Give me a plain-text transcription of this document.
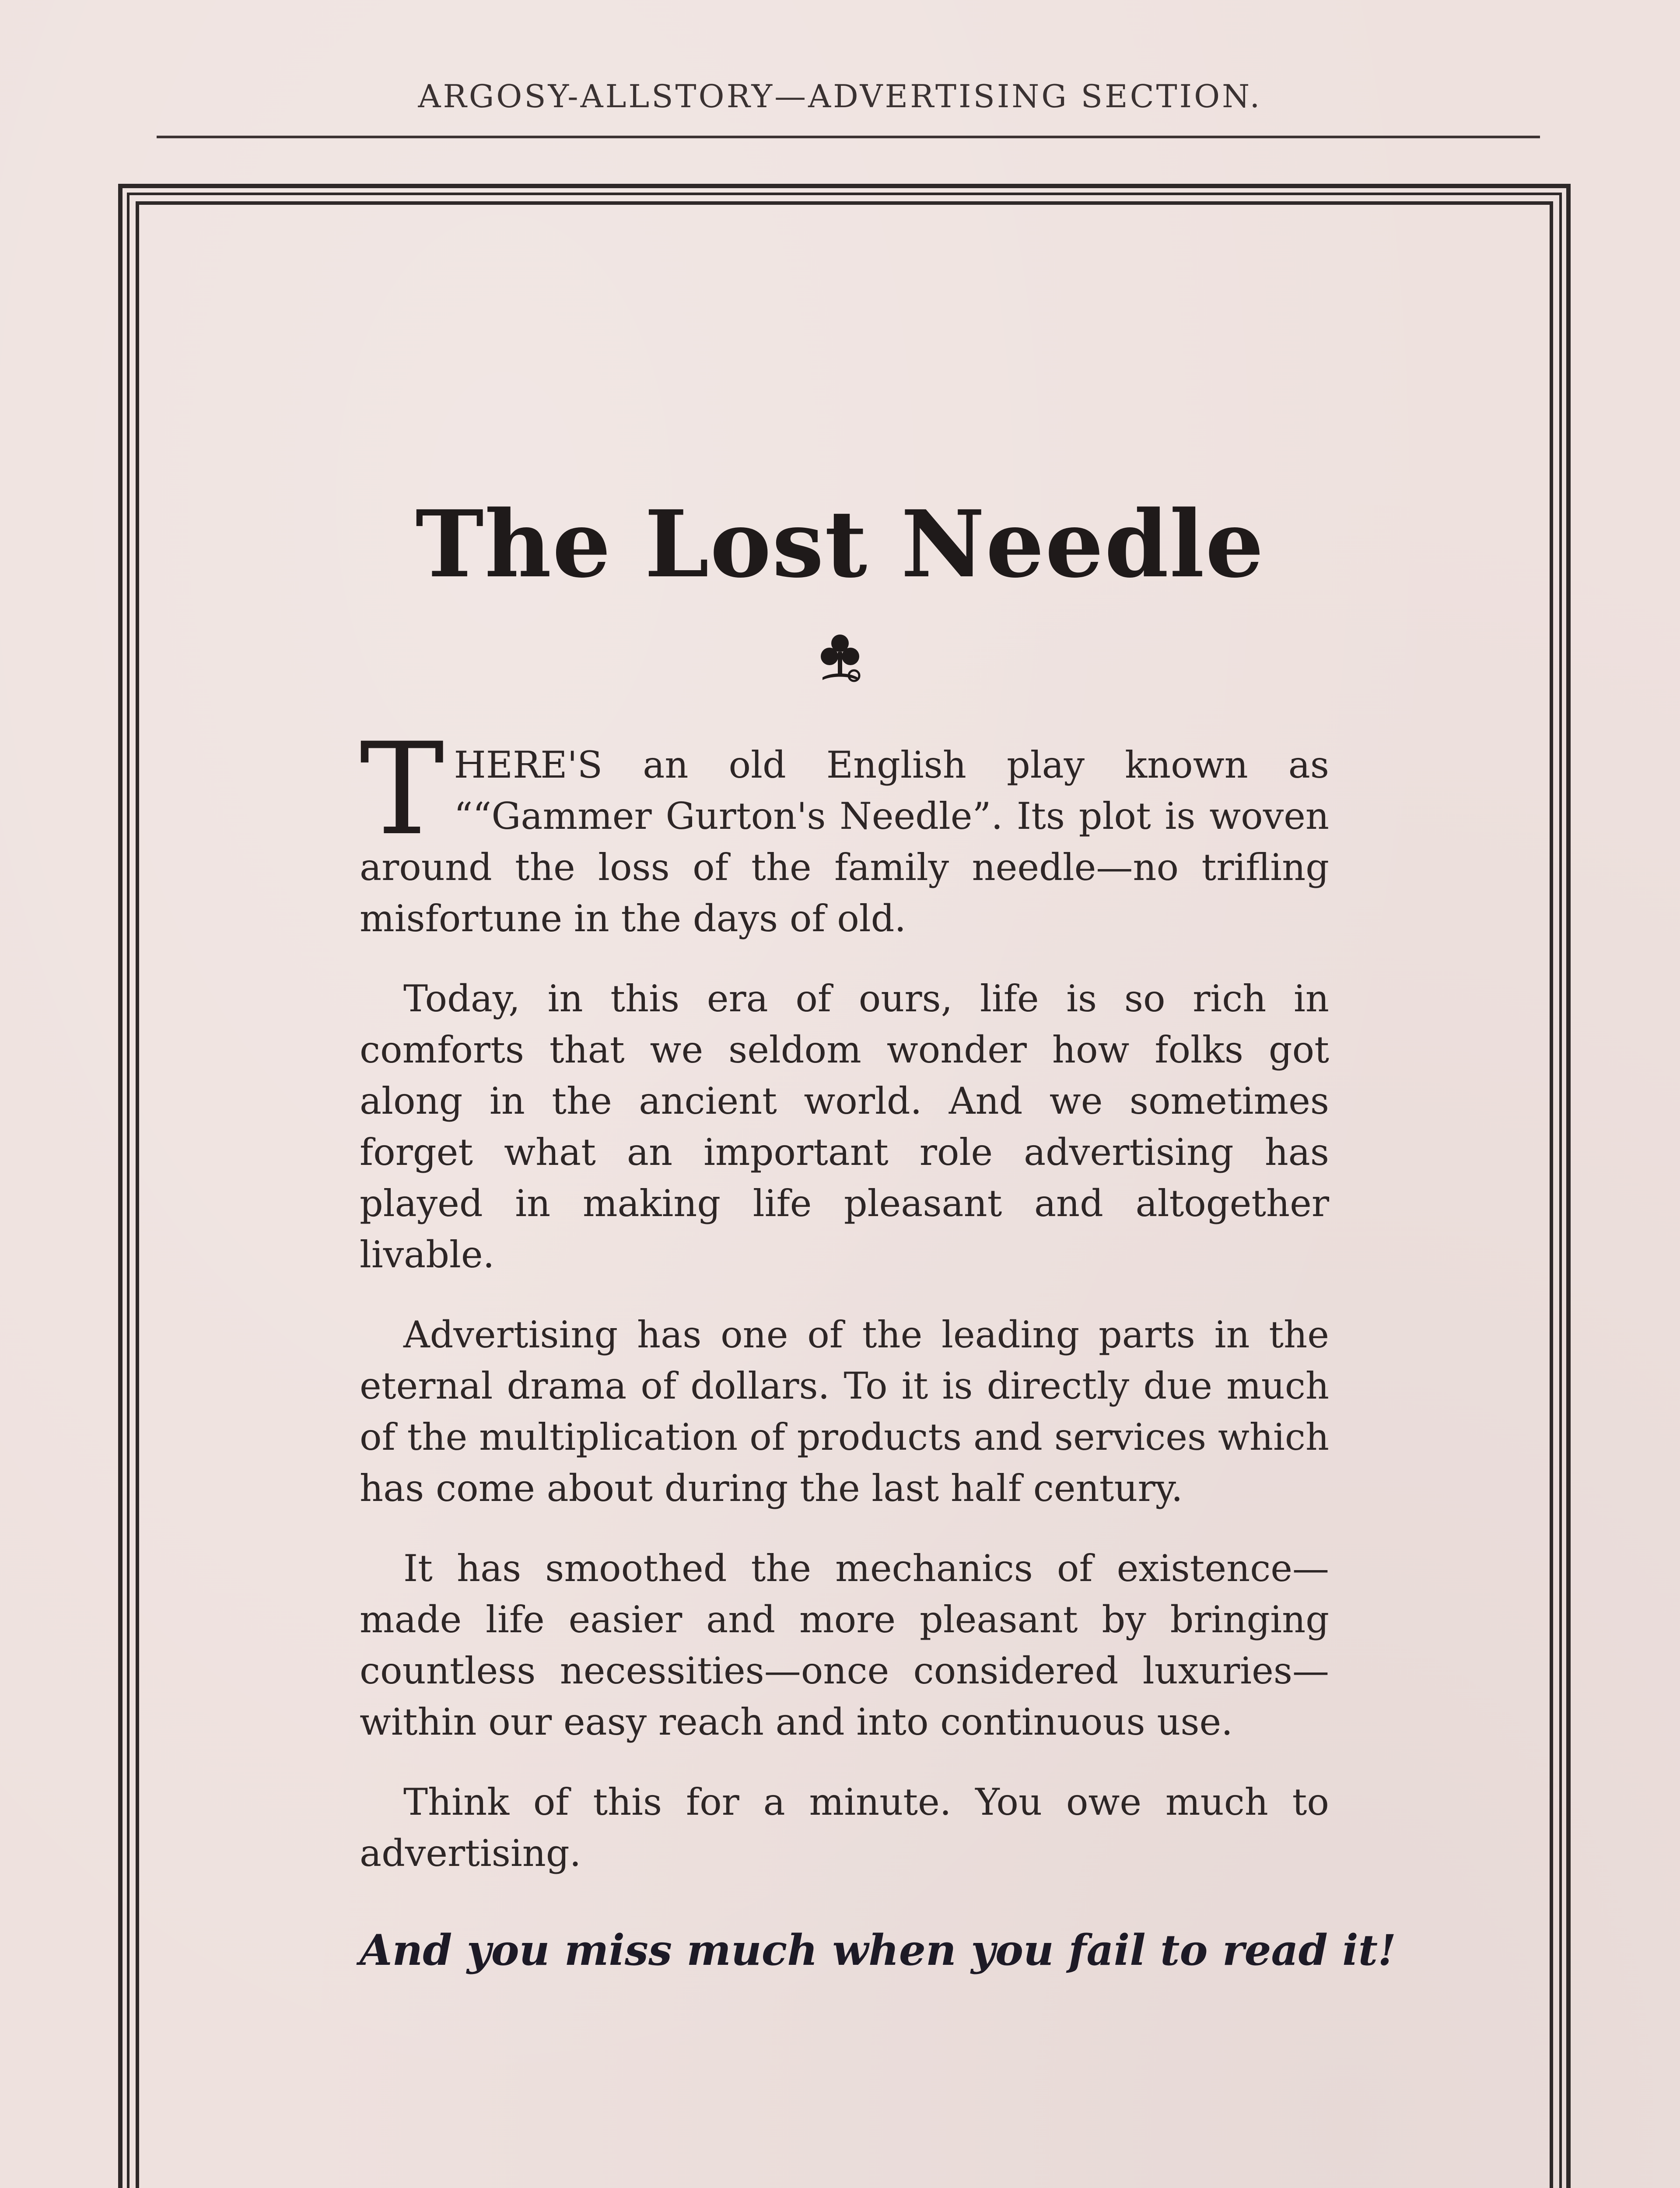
ARGOSY-ALLSTORY—ADVERTISING SECTION.
The Lost Needle

THERE'S an old English play known as ““Gammer Gurton's Needle”. Its plot is woven around the loss of the family needle—no trifling misfortune in the days of old.

Today, in this era of ours, life is so rich in comforts that we seldom wonder how folks got along in the ancient world. And we sometimes forget what an important role advertising has played in making life pleasant and altogether livable.

Advertising has one of the leading parts in the eternal drama of dollars. To it is directly due much of the multiplication of products and services which has come about during the last half century.

It has smoothed the mechanics of existence—made life easier and more pleasant by bringing countless necessities—once considered luxuries—within our easy reach and into continuous use.

Think of this for a minute. You owe much to advertising.

And you miss much when you fail to read it!
